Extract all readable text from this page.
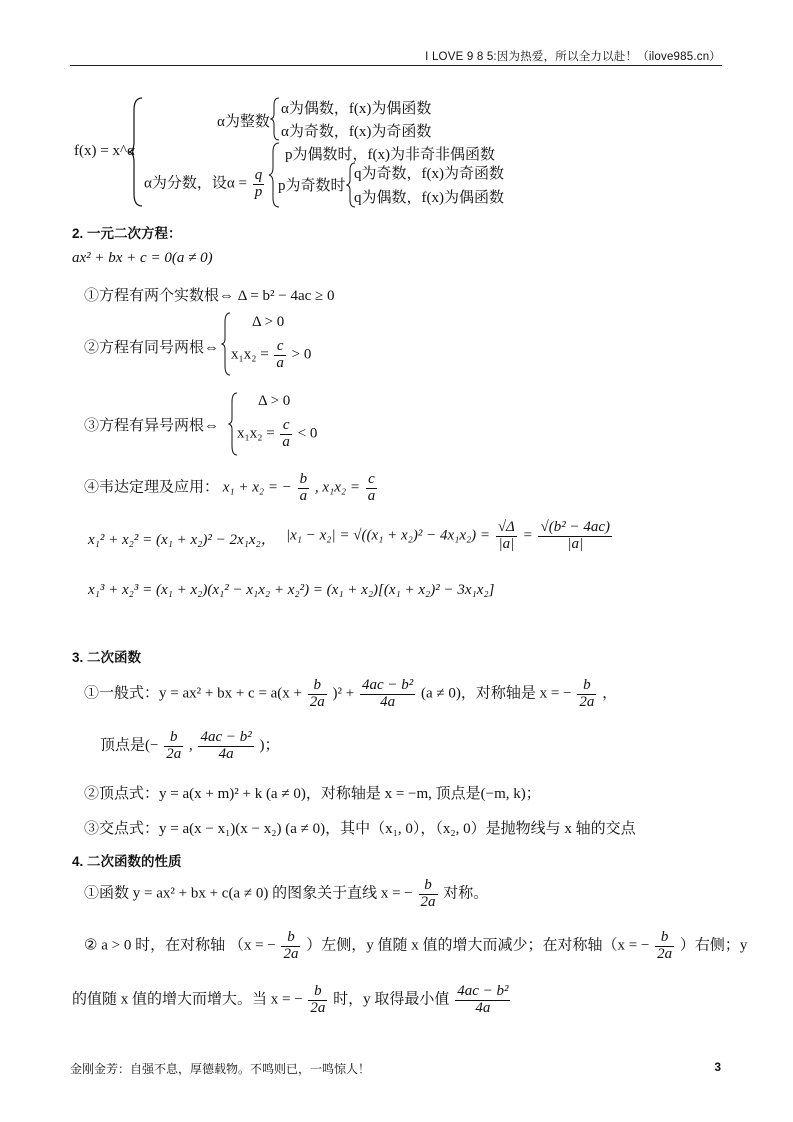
I LOVE 9 8 5:因为热爱，所以全力以赴！（ilove985.cn）
f(x) = x^α
α为整数
α为偶数，f(x)为偶函数
α为奇数，f(x)为奇函数
α为分数，设$\alpha = \frac{q}{p}$
p为偶数时，f(x)为非奇非偶函数
p为奇数时
q为奇数，f(x)为奇函数
q为偶数，f(x)为偶函数
2. 一元二次方程：
ax² + bx + c = 0(a ≠ 0)
①方程有两个实数根⇔ Δ = b² − 4ac ≥ 0
②方程有同号两根⇔
Δ > 0
$x_1x_2 = \frac{c}{a} > 0$
③方程有异号两根⇔
Δ > 0
$x_1x_2 = \frac{c}{a} < 0$
④韦达定理及应用： x₁ + x₂ = − $\frac{b}{a}$ , $x_1x_2 = \frac{c}{a}$
x₁² + x₂² = (x₁ + x₂)² − 2x₁x₂， $|x_1 - x_2| = √((x_1 + x_2)^2 - 4x_1x_2) = \frac{√\Delta}{|a|} = \frac{\text{√(b² − 4ac)}}{|a|}$
x₁³ + x₂³ = (x₁ + x₂)(x₁² − x₁x₂ + x₂²) = (x₁ + x₂)[(x₁ + x₂)² − 3x₁x₂]
3. 二次函数
①一般式：y = ax² + bx + $c = a(x + \frac{b}{2a} )^2 + \frac{\text{4ac − b²}}{4a} (a \ne 0)$，对称轴是 x = − $\frac{b}{2a}$ ，
顶点是(− $\frac{b}{2a}$ , $\frac{\text{4ac − b²}}{4a}$ )；
②顶点式：y = a(x + m)² + k (a ≠ 0)，对称轴是 x = −m, 顶点是(−m, k)；
③交点式：y = a(x − x₁)(x − x₂) (a ≠ 0)，其中（x₁, 0），（x₂, 0）是抛物线与 x 轴的交点
4. 二次函数的性质
①函数 y = ax² + bx + c(a ≠ 0) 的图象关于直线 x = − $\frac{b}{2a}$ 对称。
② a > 0 时，在对称轴 （x = − $\frac{b}{2a}$ ）左侧，y 值随 x 值的增大而减少；在对称轴（x = − $\frac{b}{2a}$ ）右侧；y
的值随 x 值的增大而增大。当 x = − $\frac{b}{2a}$ 时，y 取得最小值 $\frac{\text{4ac − b²}}{4a}$
金刚金芳：自强不息，厚德载物。不鸣则已，一鸣惊人！	3
